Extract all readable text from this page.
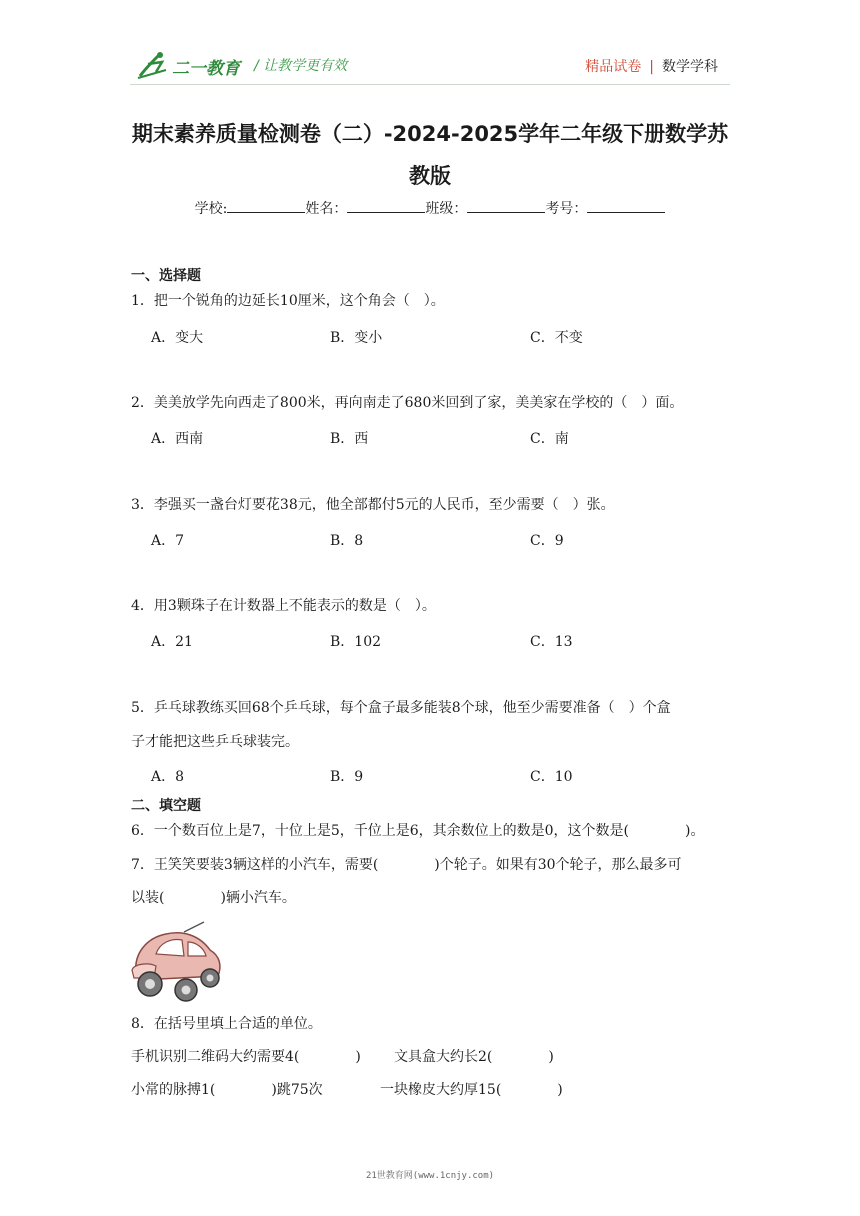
二一教育 / 让教学更有效	精品试卷 | 数学学科
期末素养质量检测卷（二）-2024-2025学年二年级下册数学苏
教版
学校:	姓名：	班级：	考号：
一、选择题
1．把一个锐角的边延长10厘米，这个角会（　）。
A．变大	B．变小	C．不变
2．美美放学先向西走了800米，再向南走了680米回到了家，美美家在学校的（　）面。
A．西南	B．西	C．南
3．李强买一盏台灯要花38元，他全部都付5元的人民币，至少需要（　）张。
A．7	B．8	C．9
4．用3颗珠子在计数器上不能表示的数是（　）。
A．21	B．102	C．13
5．乒乓球教练买回68个乒乓球，每个盒子最多能装8个球，他至少需要准备（　）个盒
子才能把这些乒乓球装完。
A．8	B．9	C．10
二、填空题
6．一个数百位上是7，十位上是5，千位上是6，其余数位上的数是0，这个数是(　　　　)。
7．王笑笑要装3辆这样的小汽车，需要(　　　　)个轮子。如果有30个轮子，那么最多可
以装(　　　　)辆小汽车。
8．在括号里填上合适的单位。
手机识别二维码大约需要4(　　　　) 文具盒大约长2(　　　　)
小常的脉搏1(　　　　)跳75次	一块橡皮大约厚15(　　　　)
21世教育网(www.1cnjy.com)
